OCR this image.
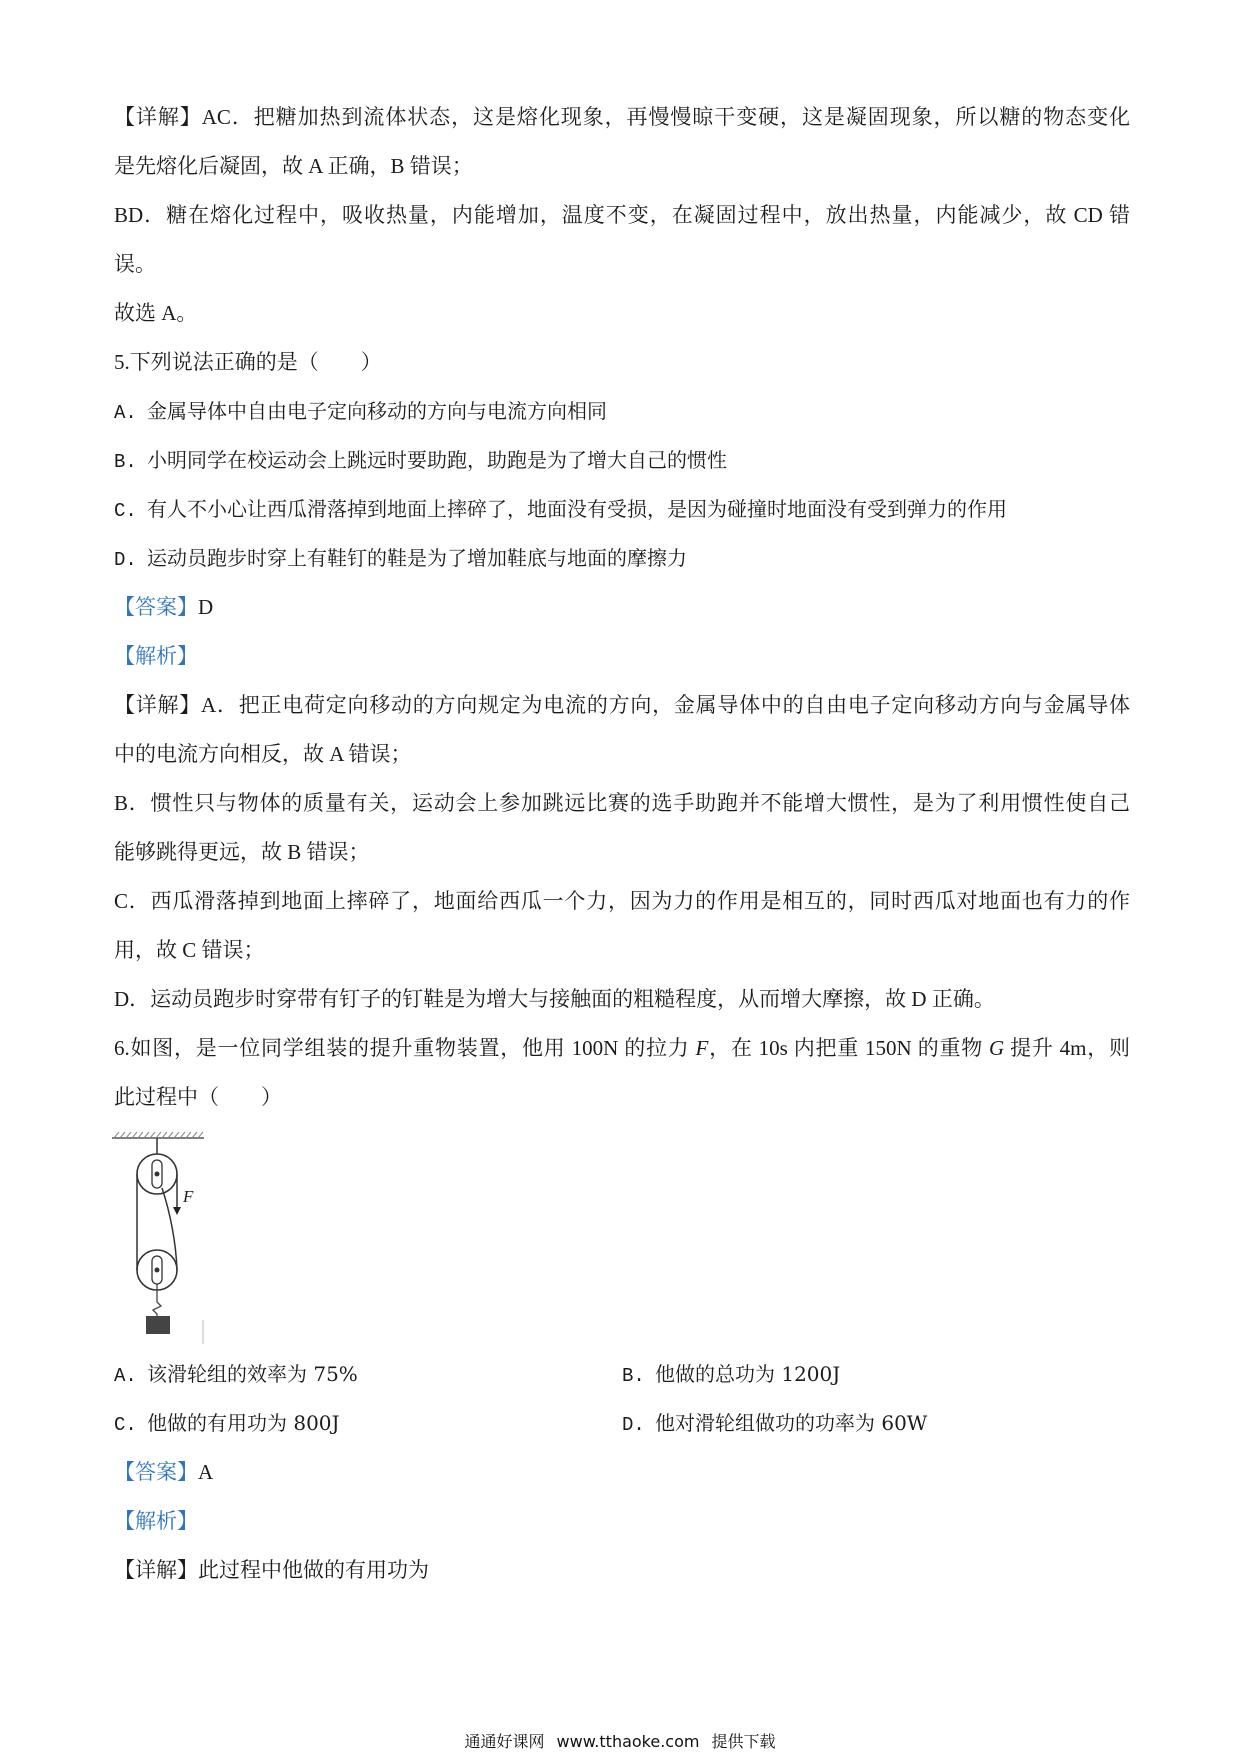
【详解】AC．把糖加热到流体状态，这是熔化现象，再慢慢晾干变硬，这是凝固现象，所以糖的物态变化
是先熔化后凝固，故 A 正确，B 错误；
BD．糖在熔化过程中，吸收热量，内能增加，温度不变，在凝固过程中，放出热量，内能减少，故 CD 错
误。
故选 A。
5.下列说法正确的是（　　）
A. 金属导体中自由电子定向移动的方向与电流方向相同
B. 小明同学在校运动会上跳远时要助跑，助跑是为了增大自己的惯性
C. 有人不小心让西瓜滑落掉到地面上摔碎了，地面没有受损，是因为碰撞时地面没有受到弹力的作用
D. 运动员跑步时穿上有鞋钉的鞋是为了增加鞋底与地面的摩擦力
【答案】D
【解析】
【详解】A．把正电荷定向移动的方向规定为电流的方向，金属导体中的自由电子定向移动方向与金属导体
中的电流方向相反，故 A 错误；
B．惯性只与物体的质量有关，运动会上参加跳远比赛的选手助跑并不能增大惯性，是为了利用惯性使自己
能够跳得更远，故 B 错误；
C．西瓜滑落掉到地面上摔碎了，地面给西瓜一个力，因为力的作用是相互的，同时西瓜对地面也有力的作
用，故 C 错误；
D．运动员跑步时穿带有钉子的钉鞋是为增大与接触面的粗糙程度，从而增大摩擦，故 D 正确。
6.如图，是一位同学组装的提升重物装置，他用 100N 的拉力 F，在 10s 内把重 150N 的重物 G 提升 4m，则
此过程中（　　）
F
A. 该滑轮组的效率为 75%	B. 他做的总功为 1200J
C. 他做的有用功为 800J	D. 他对滑轮组做功的功率为 60W
【答案】A
【解析】
【详解】此过程中他做的有用功为
通通好课网 www.tthaoke.com 提供下载
